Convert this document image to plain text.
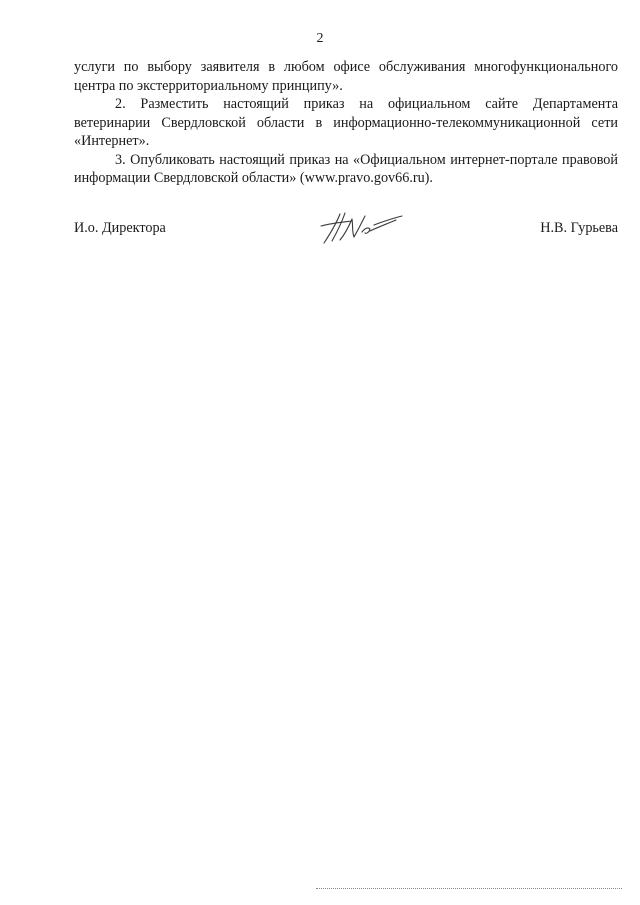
2

услуги по выбору заявителя в любом офисе обслуживания многофункционального центра по экстерриториальному принципу».

2. Разместить настоящий приказ на официальном сайте Департамента ветеринарии Свердловской области в информационно-телекоммуникационной сети «Интернет».

3. Опубликовать настоящий приказ на «Официальном интернет-портале правовой информации Свердловской области» (www.pravo.gov66.ru).

И.о. Директора	Н.В. Гурьева
